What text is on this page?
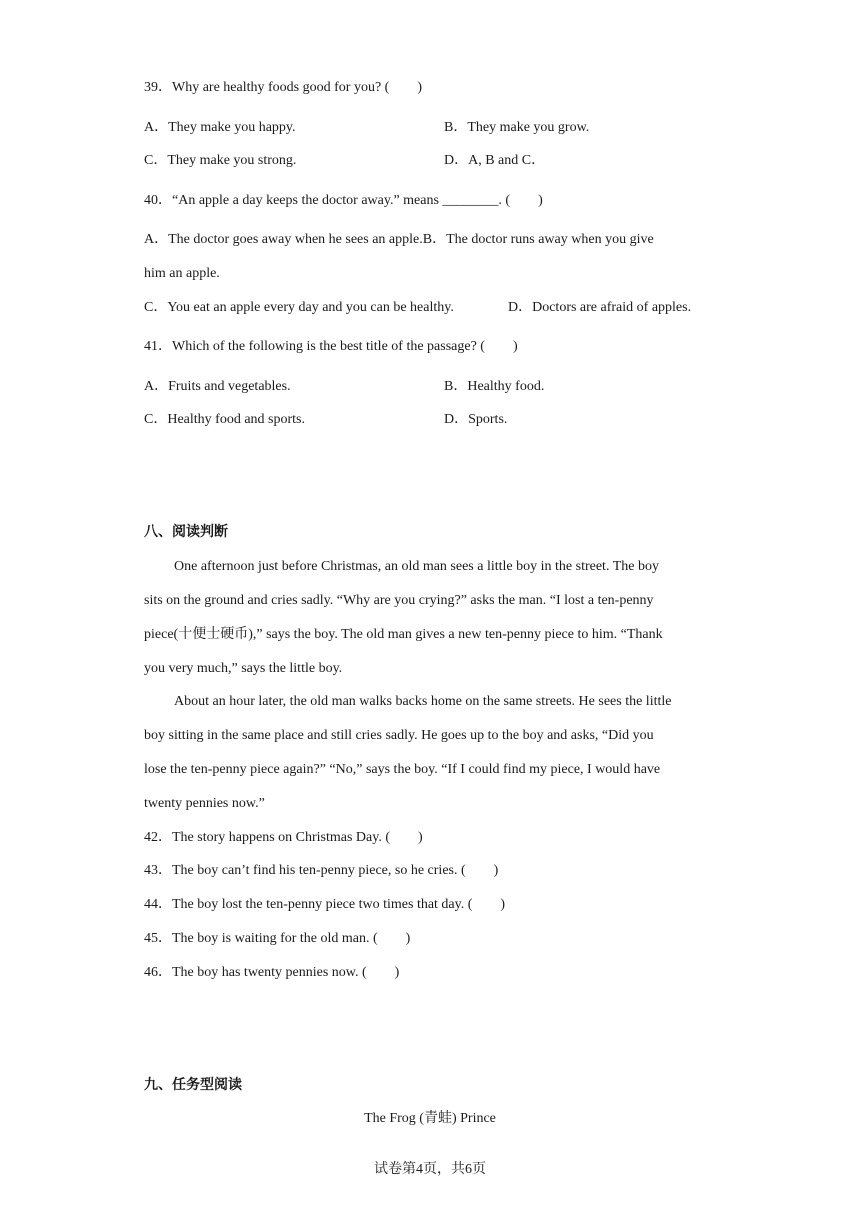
39．Why are healthy foods good for you? (　　)
A．They make you happy.	B．They make you grow.
C．They make you strong.	D．A, B and C．
40．“An apple a day keeps the doctor away.” means ________. (　　)
A．The doctor goes away when he sees an apple.B．The doctor runs away when you give
him an apple.
C．You eat an apple every day and you can be healthy.	D．Doctors are afraid of apples.
41．Which of the following is the best title of the passage? (　　)
A．Fruits and vegetables.	B．Healthy food.
C．Healthy food and sports.	D．Sports.
八、阅读判断
One afternoon just before Christmas, an old man sees a little boy in the street. The boy
sits on the ground and cries sadly. “Why are you crying?” asks the man. “I lost a ten-penny
piece(十便士硬币),” says the boy. The old man gives a new ten-penny piece to him. “Thank
you very much,” says the little boy.
About an hour later, the old man walks backs home on the same streets. He sees the little
boy sitting in the same place and still cries sadly. He goes up to the boy and asks, “Did you
lose the ten-penny piece again?” “No,” says the boy. “If I could find my piece, I would have
twenty pennies now.”
42．The story happens on Christmas Day. (　　)
43．The boy can’t find his ten-penny piece, so he cries. (　　)
44．The boy lost the ten-penny piece two times that day. (　　)
45．The boy is waiting for the old man. (　　)
46．The boy has twenty pennies now. (　　)
九、任务型阅读
The Frog (青蛙) Prince
试卷第4页，共6页
